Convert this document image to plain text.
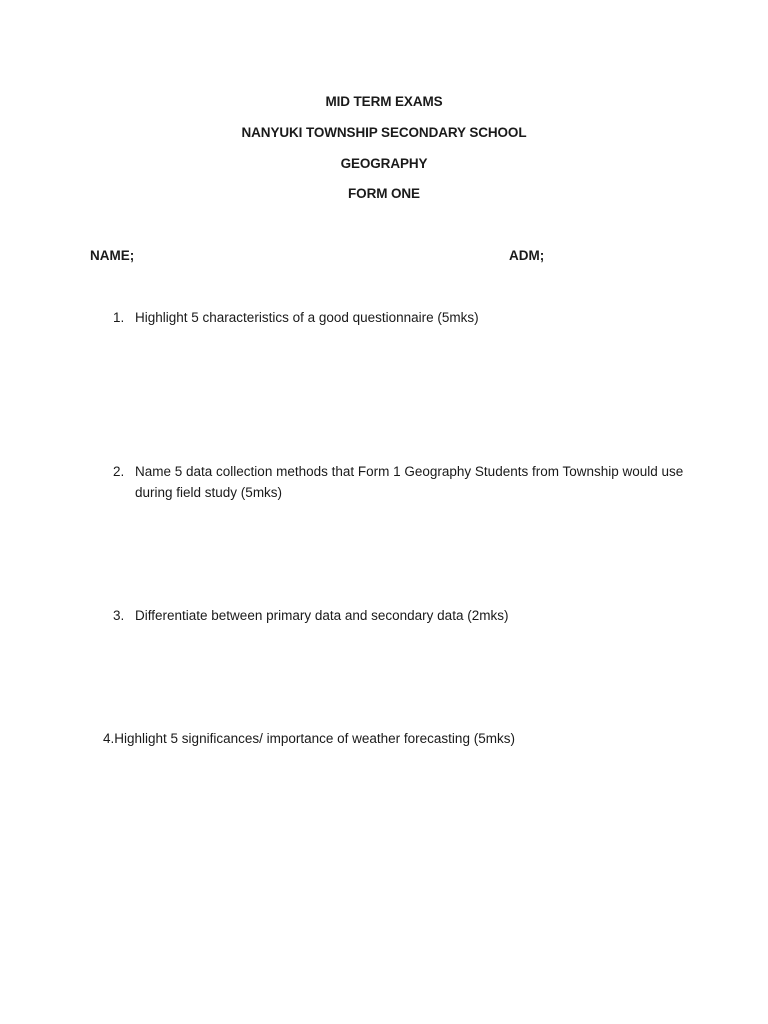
MID TERM EXAMS
NANYUKI TOWNSHIP SECONDARY SCHOOL
GEOGRAPHY
FORM ONE
NAME;	ADM;
1. Highlight 5 characteristics of a good questionnaire (5mks)
2. Name 5 data collection methods that Form 1 Geography Students from Township would use during field study (5mks)
3. Differentiate between primary data and secondary data (2mks)
4. Highlight 5 significances/ importance of weather forecasting (5mks)
